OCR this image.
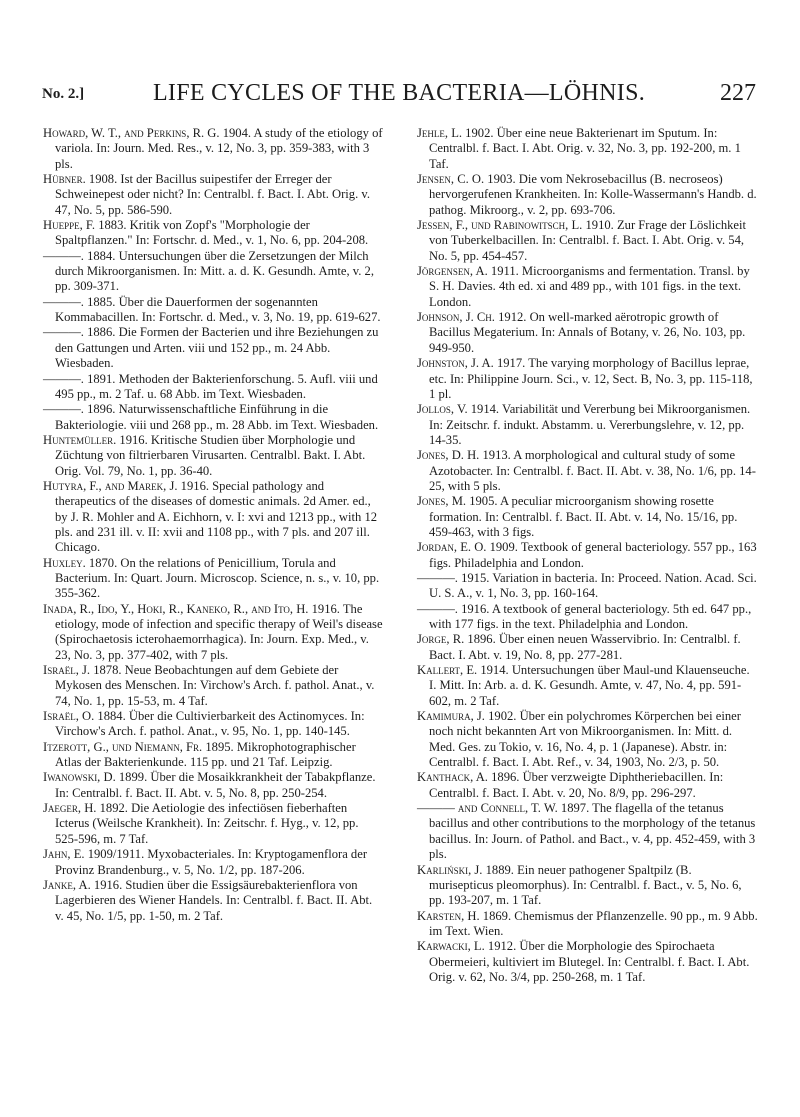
No. 2.]	LIFE CYCLES OF THE BACTERIA—LÖHNIS.	227

Howard, W. T., and Perkins, R. G. 1904. A study of the etiology of variola. In: Journ. Med. Res., v. 12, No. 3, pp. 359-383, with 3 pls.

Hübner. 1908. Ist der Bacillus suipestifer der Erreger der Schweinepest oder nicht? In: Centralbl. f. Bact. I. Abt. Orig. v. 47, No. 5, pp. 586-590.

Hueppe, F. 1883. Kritik von Zopf's "Morphologie der Spaltpflanzen." In: Fortschr. d. Med., v. 1, No. 6, pp. 204-208.

———. 1884. Untersuchungen über die Zersetzungen der Milch durch Mikroorganismen. In: Mitt. a. d. K. Gesundh. Amte, v. 2, pp. 309-371.

———. 1885. Über die Dauerformen der sogenannten Kommabacillen. In: Fortschr. d. Med., v. 3, No. 19, pp. 619-627.

———. 1886. Die Formen der Bacterien und ihre Beziehungen zu den Gattungen und Arten. viii und 152 pp., m. 24 Abb. Wiesbaden.

———. 1891. Methoden der Bakterienforschung. 5. Aufl. viii und 495 pp., m. 2 Taf. u. 68 Abb. im Text. Wiesbaden.

———. 1896. Naturwissenschaftliche Einführung in die Bakteriologie. viii und 268 pp., m. 28 Abb. im Text. Wiesbaden.

Huntemüller. 1916. Kritische Studien über Morphologie und Züchtung von filtrierbaren Virusarten. Centralbl. Bakt. I. Abt. Orig. Vol. 79, No. 1, pp. 36-40.

Hutyra, F., and Marek, J. 1916. Special pathology and therapeutics of the diseases of domestic animals. 2d Amer. ed., by J. R. Mohler and A. Eichhorn, v. I: xvi and 1213 pp., with 12 pls. and 231 ill. v. II: xvii and 1108 pp., with 7 pls. and 207 ill. Chicago.

Huxley. 1870. On the relations of Penicillium, Torula and Bacterium. In: Quart. Journ. Microscop. Science, n. s., v. 10, pp. 355-362.

Inada, R., Ido, Y., Hoki, R., Kaneko, R., and Ito, H. 1916. The etiology, mode of infection and specific therapy of Weil's disease (Spirochaetosis icterohaemorrhagica). In: Journ. Exp. Med., v. 23, No. 3, pp. 377-402, with 7 pls.

Israël, J. 1878. Neue Beobachtungen auf dem Gebiete der Mykosen des Menschen. In: Virchow's Arch. f. pathol. Anat., v. 74, No. 1, pp. 15-53, m. 4 Taf.

Israël, O. 1884. Über die Cultivierbarkeit des Actinomyces. In: Virchow's Arch. f. pathol. Anat., v. 95, No. 1, pp. 140-145.

Itzerott, G., und Niemann, Fr. 1895. Mikrophotographischer Atlas der Bakterienkunde. 115 pp. und 21 Taf. Leipzig.

Iwanowski, D. 1899. Über die Mosaikkrankheit der Tabakpflanze. In: Centralbl. f. Bact. II. Abt. v. 5, No. 8, pp. 250-254.

Jaeger, H. 1892. Die Aetiologie des infectiösen fieberhaften Icterus (Weilsche Krankheit). In: Zeitschr. f. Hyg., v. 12, pp. 525-596, m. 7 Taf.

Jahn, E. 1909/1911. Myxobacteriales. In: Kryptogamenflora der Provinz Brandenburg., v. 5, No. 1/2, pp. 187-206.

Janke, A. 1916. Studien über die Essigsäurebakterienflora von Lagerbieren des Wiener Handels. In: Centralbl. f. Bact. II. Abt. v. 45, No. 1/5, pp. 1-50, m. 2 Taf.

Jehle, L. 1902. Über eine neue Bakterienart im Sputum. In: Centralbl. f. Bact. I. Abt. Orig. v. 32, No. 3, pp. 192-200, m. 1 Taf.

Jensen, C. O. 1903. Die vom Nekrosebacillus (B. necroseos) hervorgerufenen Krankheiten. In: Kolle-Wassermann's Handb. d. pathog. Mikroorg., v. 2, pp. 693-706.

Jessen, F., und Rabinowitsch, L. 1910. Zur Frage der Löslichkeit von Tuberkelbacillen. In: Centralbl. f. Bact. I. Abt. Orig. v. 54, No. 5, pp. 454-457.

Jörgensen, A. 1911. Microorganisms and fermentation. Transl. by S. H. Davies. 4th ed. xi and 489 pp., with 101 figs. in the text. London.

Johnson, J. Ch. 1912. On well-marked aërotropic growth of Bacillus Megaterium. In: Annals of Botany, v. 26, No. 103, pp. 949-950.

Johnston, J. A. 1917. The varying morphology of Bacillus leprae, etc. In: Philippine Journ. Sci., v. 12, Sect. B, No. 3, pp. 115-118, 1 pl.

Jollos, V. 1914. Variabilität und Vererbung bei Mikroorganismen. In: Zeitschr. f. indukt. Abstamm. u. Vererbungslehre, v. 12, pp. 14-35.

Jones, D. H. 1913. A morphological and cultural study of some Azotobacter. In: Centralbl. f. Bact. II. Abt. v. 38, No. 1/6, pp. 14-25, with 5 pls.

Jones, M. 1905. A peculiar microorganism showing rosette formation. In: Centralbl. f. Bact. II. Abt. v. 14, No. 15/16, pp. 459-463, with 3 figs.

Jordan, E. O. 1909. Textbook of general bacteriology. 557 pp., 163 figs. Philadelphia and London.

———. 1915. Variation in bacteria. In: Proceed. Nation. Acad. Sci. U. S. A., v. 1, No. 3, pp. 160-164.

———. 1916. A textbook of general bacteriology. 5th ed. 647 pp., with 177 figs. in the text. Philadelphia and London.

Jorge, R. 1896. Über einen neuen Wasservibrio. In: Centralbl. f. Bact. I. Abt. v. 19, No. 8, pp. 277-281.

Kallert, E. 1914. Untersuchungen über Maul-und Klauenseuche. I. Mitt. In: Arb. a. d. K. Gesundh. Amte, v. 47, No. 4, pp. 591-602, m. 2 Taf.

Kamimura, J. 1902. Über ein polychromes Körperchen bei einer noch nicht bekannten Art von Mikroorganismen. In: Mitt. d. Med. Ges. zu Tokio, v. 16, No. 4, p. 1 (Japanese). Abstr. in: Centralbl. f. Bact. I. Abt. Ref., v. 34, 1903, No. 2/3, p. 50.

Kanthack, A. 1896. Über verzweigte Diphtheriebacillen. In: Centralbl. f. Bact. I. Abt. v. 20, No. 8/9, pp. 296-297.

——— and Connell, T. W. 1897. The flagella of the tetanus bacillus and other contributions to the morphology of the tetanus bacillus. In: Journ. of Pathol. and Bact., v. 4, pp. 452-459, with 3 pls.

Karliński, J. 1889. Ein neuer pathogener Spaltpilz (B. murisepticus pleomorphus). In: Centralbl. f. Bact., v. 5, No. 6, pp. 193-207, m. 1 Taf.

Karsten, H. 1869. Chemismus der Pflanzenzelle. 90 pp., m. 9 Abb. im Text. Wien.

Karwacki, L. 1912. Über die Morphologie des Spirochaeta Obermeieri, kultiviert im Blutegel. In: Centralbl. f. Bact. I. Abt. Orig. v. 62, No. 3/4, pp. 250-268, m. 1 Taf.
